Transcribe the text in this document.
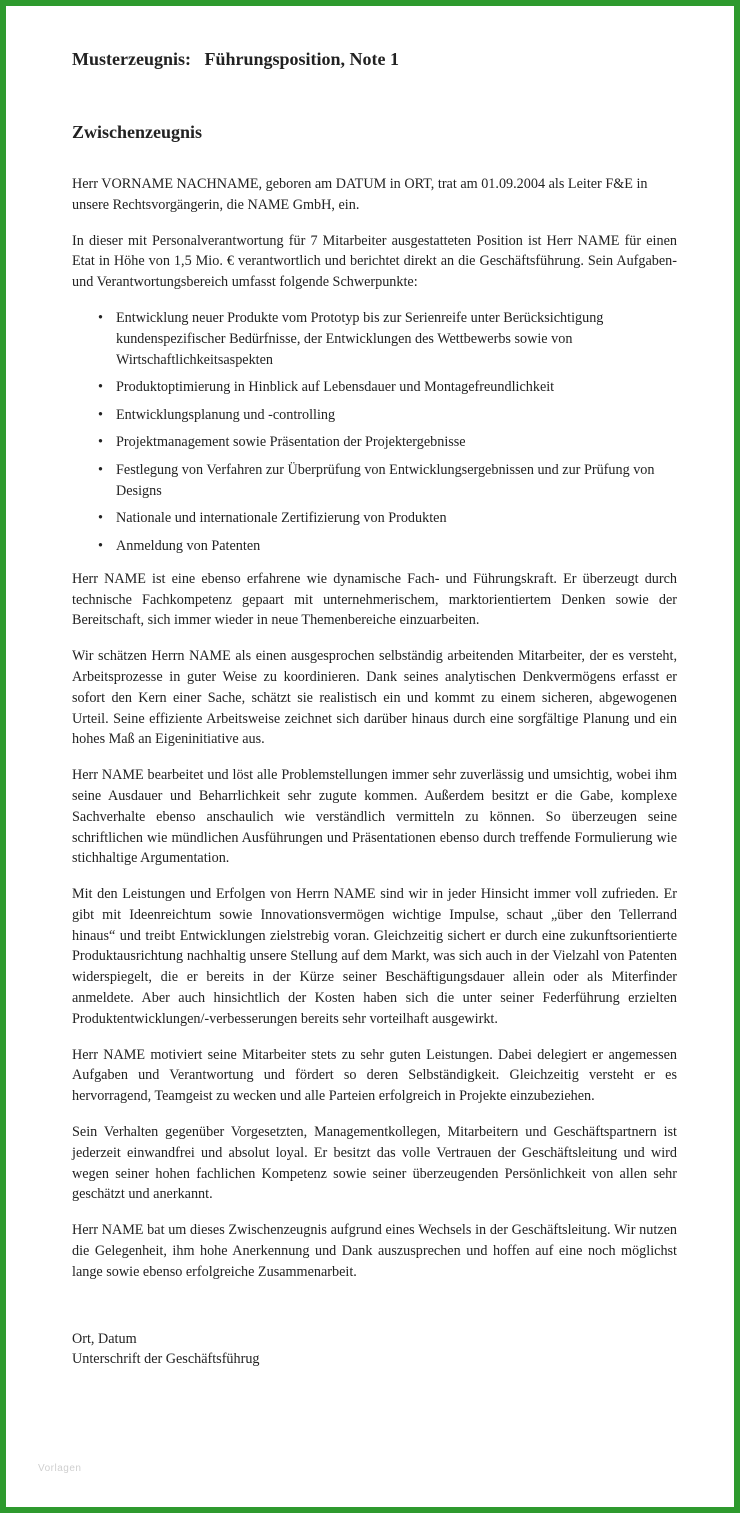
Musterzeugnis:   Führungsposition, Note 1
Zwischenzeugnis

Herr VORNAME NACHNAME, geboren am DATUM in ORT, trat am 01.09.2004 als Leiter F&E in unsere Rechtsvorgängerin, die NAME GmbH, ein.

In dieser mit Personalverantwortung für 7 Mitarbeiter ausgestatteten Position ist Herr NAME für einen Etat in Höhe von 1,5 Mio. € verantwortlich und berichtet direkt an die Geschäftsführung. Sein Aufgaben- und Verantwortungsbereich umfasst folgende Schwerpunkte:

• Entwicklung neuer Produkte vom Prototyp bis zur Serienreife unter Berücksichtigung kundenspezifischer Bedürfnisse, der Entwicklungen des Wettbewerbs sowie von Wirtschaftlichkeitsaspekten
• Produktoptimierung in Hinblick auf Lebensdauer und Montagefreundlichkeit
• Entwicklungsplanung und -controlling
• Projektmanagement sowie Präsentation der Projektergebnisse
• Festlegung von Verfahren zur Überprüfung von Entwicklungsergebnissen und zur Prüfung von Designs
• Nationale und internationale Zertifizierung von Produkten
• Anmeldung von Patenten

Herr NAME ist eine ebenso erfahrene wie dynamische Fach- und Führungskraft. Er überzeugt durch technische Fachkompetenz gepaart mit unternehmerischem, marktorientiertem Denken sowie der Bereitschaft, sich immer wieder in neue Themenbereiche einzuarbeiten.

Wir schätzen Herrn NAME als einen ausgesprochen selbständig arbeitenden Mitarbeiter, der es versteht, Arbeitsprozesse in guter Weise zu koordinieren. Dank seines analytischen Denkvermögens erfasst er sofort den Kern einer Sache, schätzt sie realistisch ein und kommt zu einem sicheren, abgewogenen Urteil. Seine effiziente Arbeitsweise zeichnet sich darüber hinaus durch eine sorgfältige Planung und ein hohes Maß an Eigeninitiative aus.

Herr NAME bearbeitet und löst alle Problemstellungen immer sehr zuverlässig und umsichtig, wobei ihm seine Ausdauer und Beharrlichkeit sehr zugute kommen. Außerdem besitzt er die Gabe, komplexe Sachverhalte ebenso anschaulich wie verständlich vermitteln zu können. So überzeugen seine schriftlichen wie mündlichen Ausführungen und Präsentationen ebenso durch treffende Formulierung wie stichhaltige Argumentation.

Mit den Leistungen und Erfolgen von Herrn NAME sind wir in jeder Hinsicht immer voll zufrieden. Er gibt mit Ideenreichtum sowie Innovationsvermögen wichtige Impulse, schaut „über den Tellerrand hinaus“ und treibt Entwicklungen zielstrebig voran. Gleichzeitig sichert er durch eine zukunftsorientierte Produktausrichtung nachhaltig unsere Stellung auf dem Markt, was sich auch in der Vielzahl von Patenten widerspiegelt, die er bereits in der Kürze seiner Beschäftigungsdauer allein oder als Miterfinder anmeldete. Aber auch hinsichtlich der Kosten haben sich die unter seiner Federführung erzielten Produktentwicklungen/-verbesserungen bereits sehr vorteilhaft ausgewirkt.

Herr NAME motiviert seine Mitarbeiter stets zu sehr guten Leistungen. Dabei delegiert er angemessen Aufgaben und Verantwortung und fördert so deren Selbständigkeit. Gleichzeitig versteht er es hervorragend, Teamgeist zu wecken und alle Parteien erfolgreich in Projekte einzubeziehen.

Sein Verhalten gegenüber Vorgesetzten, Managementkollegen, Mitarbeitern und Geschäftspartnern ist jederzeit einwandfrei und absolut loyal. Er besitzt das volle Vertrauen der Geschäftsleitung und wird wegen seiner hohen fachlichen Kompetenz sowie seiner überzeugenden Persönlichkeit von allen sehr geschätzt und anerkannt.

Herr NAME bat um dieses Zwischenzeugnis aufgrund eines Wechsels in der Geschäftsleitung. Wir nutzen die Gelegenheit, ihm hohe Anerkennung und Dank auszusprechen und hoffen auf eine noch möglichst lange sowie ebenso erfolgreiche Zusammenarbeit.

Ort, Datum
Unterschrift der Geschäftsführug
Vorlagen
